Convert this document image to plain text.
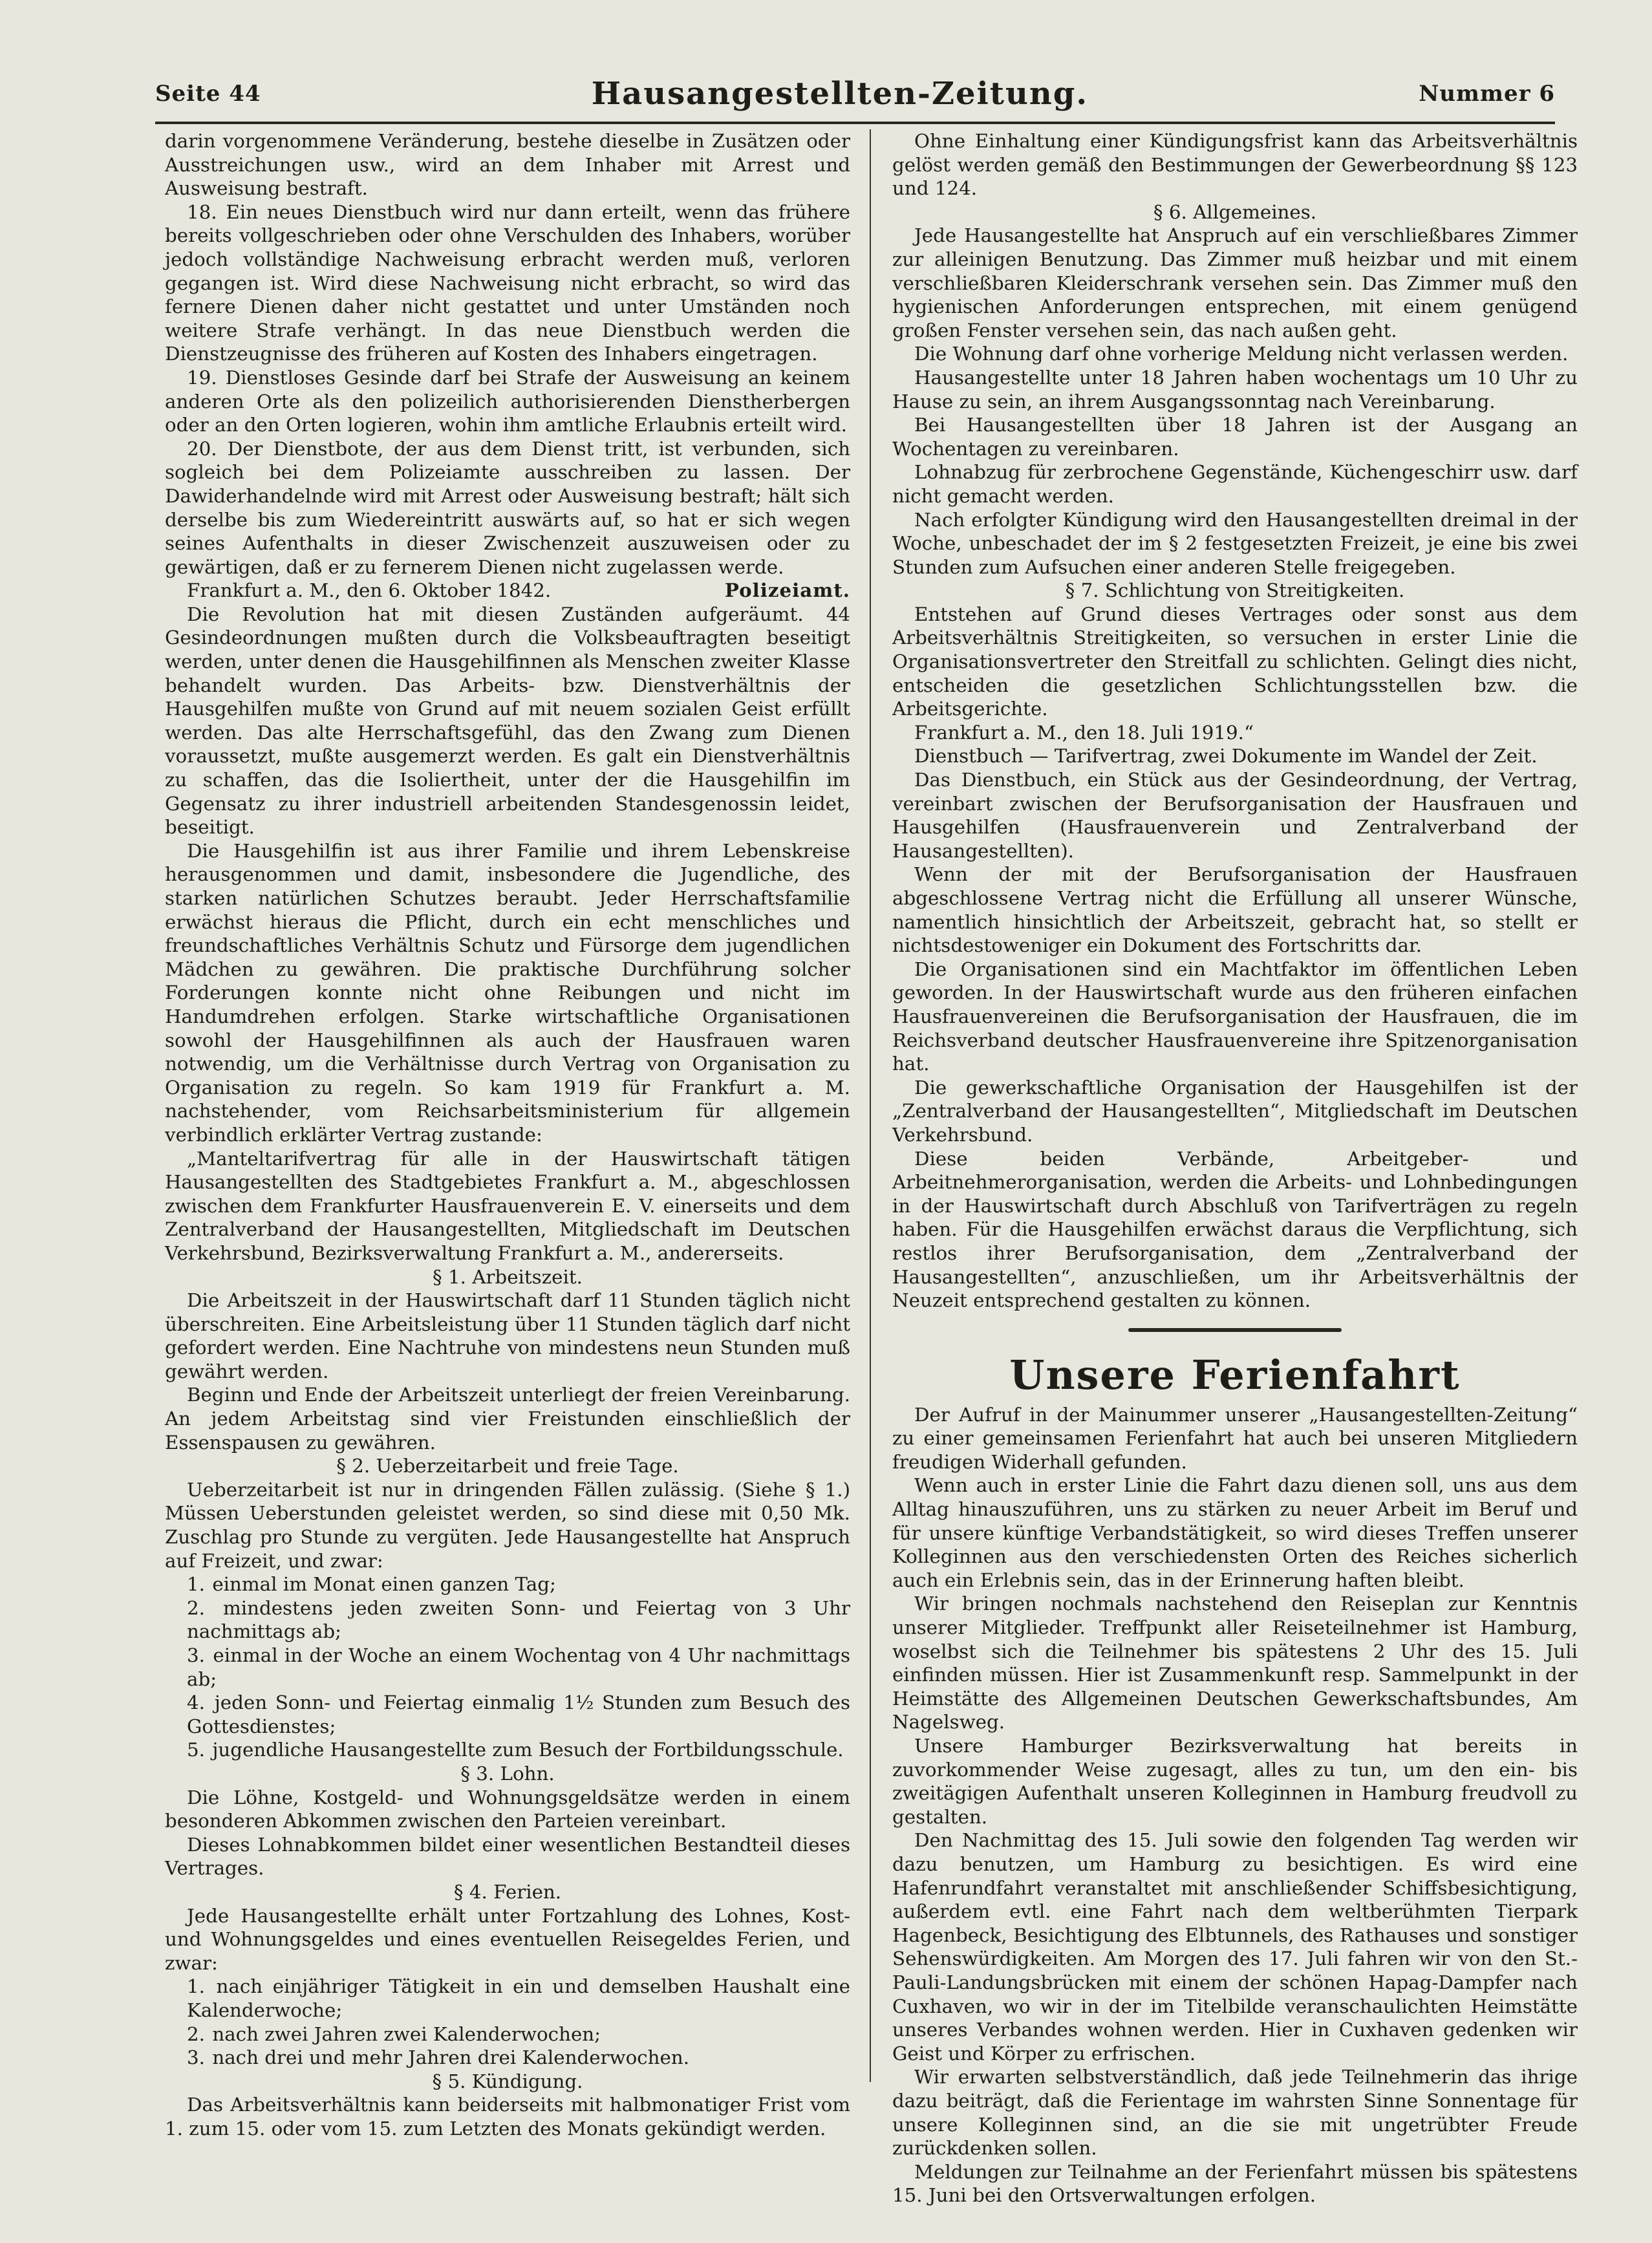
Seite 44	Hausangestellten-Zeitung.	Nummer 6

darin vorgenommene Veränderung, bestehe dieselbe in Zusätzen oder Ausstreichungen usw., wird an dem Inhaber mit Arrest und Ausweisung bestraft.

18. Ein neues Dienstbuch wird nur dann erteilt, wenn das frühere bereits vollgeschrieben oder ohne Verschulden des Inhabers, worüber jedoch vollständige Nachweisung erbracht werden muß, verloren gegangen ist. Wird diese Nachweisung nicht erbracht, so wird das fernere Dienen daher nicht gestattet und unter Umständen noch weitere Strafe verhängt. In das neue Dienstbuch werden die Dienstzeugnisse des früheren auf Kosten des Inhabers eingetragen.

19. Dienstloses Gesinde darf bei Strafe der Ausweisung an keinem anderen Orte als den polizeilich authorisierenden Dienstherbergen oder an den Orten logieren, wohin ihm amtliche Erlaubnis erteilt wird.

20. Der Dienstbote, der aus dem Dienst tritt, ist verbunden, sich sogleich bei dem Polizeiamte ausschreiben zu lassen. Der Dawiderhandelnde wird mit Arrest oder Ausweisung bestraft; hält sich derselbe bis zum Wiedereintritt auswärts auf, so hat er sich wegen seines Aufenthalts in dieser Zwischenzeit auszuweisen oder zu gewärtigen, daß er zu fernerem Dienen nicht zugelassen werde.

Frankfurt a. M., den 6. Oktober 1842.	Polizeiamt.

Die Revolution hat mit diesen Zuständen aufgeräumt. 44 Gesindeordnungen mußten durch die Volksbeauftragten beseitigt werden, unter denen die Hausgehilfinnen als Menschen zweiter Klasse behandelt wurden. Das Arbeits- bzw. Dienstverhältnis der Hausgehilfen mußte von Grund auf mit neuem sozialen Geist erfüllt werden. Das alte Herrschaftsgefühl, das den Zwang zum Dienen voraussetzt, mußte ausgemerzt werden. Es galt ein Dienstverhältnis zu schaffen, das die Isoliertheit, unter der die Hausgehilfin im Gegensatz zu ihrer industriell arbeitenden Standesgenossin leidet, beseitigt.

Die Hausgehilfin ist aus ihrer Familie und ihrem Lebenskreise herausgenommen und damit, insbesondere die Jugendliche, des starken natürlichen Schutzes beraubt. Jeder Herrschaftsfamilie erwächst hieraus die Pflicht, durch ein echt menschliches und freundschaftliches Verhältnis Schutz und Fürsorge dem jugendlichen Mädchen zu gewähren. Die praktische Durchführung solcher Forderungen konnte nicht ohne Reibungen und nicht im Handumdrehen erfolgen. Starke wirtschaftliche Organisationen sowohl der Hausgehilfinnen als auch der Hausfrauen waren notwendig, um die Verhältnisse durch Vertrag von Organisation zu Organisation zu regeln. So kam 1919 für Frankfurt a. M. nachstehender, vom Reichsarbeitsministerium für allgemein verbindlich erklärter Vertrag zustande:

„Manteltarifvertrag für alle in der Hauswirtschaft tätigen Hausangestellten des Stadtgebietes Frankfurt a. M., abgeschlossen zwischen dem Frankfurter Hausfrauenverein E. V. einerseits und dem Zentralverband der Hausangestellten, Mitgliedschaft im Deutschen Verkehrsbund, Bezirksverwaltung Frankfurt a. M., andererseits.

§ 1. Arbeitszeit.

Die Arbeitszeit in der Hauswirtschaft darf 11 Stunden täglich nicht überschreiten. Eine Arbeitsleistung über 11 Stunden täglich darf nicht gefordert werden. Eine Nachtruhe von mindestens neun Stunden muß gewährt werden.

Beginn und Ende der Arbeitszeit unterliegt der freien Vereinbarung. An jedem Arbeitstag sind vier Freistunden einschließlich der Essenspausen zu gewähren.

§ 2. Ueberzeitarbeit und freie Tage.

Ueberzeitarbeit ist nur in dringenden Fällen zulässig. (Siehe § 1.) Müssen Ueberstunden geleistet werden, so sind diese mit 0,50 Mk. Zuschlag pro Stunde zu vergüten. Jede Hausangestellte hat Anspruch auf Freizeit, und zwar:

1. einmal im Monat einen ganzen Tag;

2. mindestens jeden zweiten Sonn- und Feiertag von 3 Uhr nachmittags ab;

3. einmal in der Woche an einem Wochentag von 4 Uhr nachmittags ab;

4. jeden Sonn- und Feiertag einmalig 1½ Stunden zum Besuch des Gottesdienstes;

5. jugendliche Hausangestellte zum Besuch der Fortbildungsschule.

§ 3. Lohn.

Die Löhne, Kostgeld- und Wohnungsgeldsätze werden in einem besonderen Abkommen zwischen den Parteien vereinbart.

Dieses Lohnabkommen bildet einer wesentlichen Bestandteil dieses Vertrages.

§ 4. Ferien.

Jede Hausangestellte erhält unter Fortzahlung des Lohnes, Kost- und Wohnungsgeldes und eines eventuellen Reisegeldes Ferien, und zwar:

1. nach einjähriger Tätigkeit in ein und demselben Haushalt eine Kalenderwoche;

2. nach zwei Jahren zwei Kalenderwochen;

3. nach drei und mehr Jahren drei Kalenderwochen.

§ 5. Kündigung.

Das Arbeitsverhältnis kann beiderseits mit halbmonatiger Frist vom 1. zum 15. oder vom 15. zum Letzten des Monats gekündigt werden.

Ohne Einhaltung einer Kündigungsfrist kann das Arbeitsverhältnis gelöst werden gemäß den Bestimmungen der Gewerbeordnung §§ 123 und 124.

§ 6. Allgemeines.

Jede Hausangestellte hat Anspruch auf ein verschließbares Zimmer zur alleinigen Benutzung. Das Zimmer muß heizbar und mit einem verschließbaren Kleiderschrank versehen sein. Das Zimmer muß den hygienischen Anforderungen entsprechen, mit einem genügend großen Fenster versehen sein, das nach außen geht.

Die Wohnung darf ohne vorherige Meldung nicht verlassen werden.

Hausangestellte unter 18 Jahren haben wochentags um 10 Uhr zu Hause zu sein, an ihrem Ausgangssonntag nach Vereinbarung.

Bei Hausangestellten über 18 Jahren ist der Ausgang an Wochentagen zu vereinbaren.

Lohnabzug für zerbrochene Gegenstände, Küchengeschirr usw. darf nicht gemacht werden.

Nach erfolgter Kündigung wird den Hausangestellten dreimal in der Woche, unbeschadet der im § 2 festgesetzten Freizeit, je eine bis zwei Stunden zum Aufsuchen einer anderen Stelle freigegeben.

§ 7. Schlichtung von Streitigkeiten.

Entstehen auf Grund dieses Vertrages oder sonst aus dem Arbeitsverhältnis Streitigkeiten, so versuchen in erster Linie die Organisationsvertreter den Streitfall zu schlichten. Gelingt dies nicht, entscheiden die gesetzlichen Schlichtungsstellen bzw. die Arbeitsgerichte.

Frankfurt a. M., den 18. Juli 1919.“

Dienstbuch — Tarifvertrag, zwei Dokumente im Wandel der Zeit.

Das Dienstbuch, ein Stück aus der Gesindeordnung, der Vertrag, vereinbart zwischen der Berufsorganisation der Hausfrauen und Hausgehilfen (Hausfrauenverein und Zentralverband der Hausangestellten).

Wenn der mit der Berufsorganisation der Hausfrauen abgeschlossene Vertrag nicht die Erfüllung all unserer Wünsche, namentlich hinsichtlich der Arbeitszeit, gebracht hat, so stellt er nichtsdestoweniger ein Dokument des Fortschritts dar.

Die Organisationen sind ein Machtfaktor im öffentlichen Leben geworden. In der Hauswirtschaft wurde aus den früheren einfachen Hausfrauenvereinen die Berufsorganisation der Hausfrauen, die im Reichsverband deutscher Hausfrauenvereine ihre Spitzenorganisation hat.

Die gewerkschaftliche Organisation der Hausgehilfen ist der „Zentralverband der Hausangestellten“, Mitgliedschaft im Deutschen Verkehrsbund.

Diese beiden Verbände, Arbeitgeber- und Arbeitnehmerorganisation, werden die Arbeits- und Lohnbedingungen in der Hauswirtschaft durch Abschluß von Tarifverträgen zu regeln haben. Für die Hausgehilfen erwächst daraus die Verpflichtung, sich restlos ihrer Berufsorganisation, dem „Zentralverband der Hausangestellten“, anzuschließen, um ihr Arbeitsverhältnis der Neuzeit entsprechend gestalten zu können.

Unsere Ferienfahrt

Der Aufruf in der Mainummer unserer „Hausangestellten-Zeitung“ zu einer gemeinsamen Ferienfahrt hat auch bei unseren Mitgliedern freudigen Widerhall gefunden.

Wenn auch in erster Linie die Fahrt dazu dienen soll, uns aus dem Alltag hinauszuführen, uns zu stärken zu neuer Arbeit im Beruf und für unsere künftige Verbandstätigkeit, so wird dieses Treffen unserer Kolleginnen aus den verschiedensten Orten des Reiches sicherlich auch ein Erlebnis sein, das in der Erinnerung haften bleibt.

Wir bringen nochmals nachstehend den Reiseplan zur Kenntnis unserer Mitglieder. Treffpunkt aller Reiseteilnehmer ist Hamburg, woselbst sich die Teilnehmer bis spätestens 2 Uhr des 15. Juli einfinden müssen. Hier ist Zusammenkunft resp. Sammelpunkt in der Heimstätte des Allgemeinen Deutschen Gewerkschaftsbundes, Am Nagelsweg.

Unsere Hamburger Bezirksverwaltung hat bereits in zuvorkommender Weise zugesagt, alles zu tun, um den ein- bis zweitägigen Aufenthalt unseren Kolleginnen in Hamburg freudvoll zu gestalten.

Den Nachmittag des 15. Juli sowie den folgenden Tag werden wir dazu benutzen, um Hamburg zu besichtigen. Es wird eine Hafenrundfahrt veranstaltet mit anschließender Schiffsbesichtigung, außerdem evtl. eine Fahrt nach dem weltberühmten Tierpark Hagenbeck, Besichtigung des Elbtunnels, des Rathauses und sonstiger Sehenswürdigkeiten. Am Morgen des 17. Juli fahren wir von den St.-Pauli-Landungsbrücken mit einem der schönen Hapag-Dampfer nach Cuxhaven, wo wir in der im Titelbilde veranschaulichten Heimstätte unseres Verbandes wohnen werden. Hier in Cuxhaven gedenken wir Geist und Körper zu erfrischen.

Wir erwarten selbstverständlich, daß jede Teilnehmerin das ihrige dazu beiträgt, daß die Ferientage im wahrsten Sinne Sonnentage für unsere Kolleginnen sind, an die sie mit ungetrübter Freude zurückdenken sollen.

Meldungen zur Teilnahme an der Ferienfahrt müssen bis spätestens 15. Juni bei den Ortsverwaltungen erfolgen.
